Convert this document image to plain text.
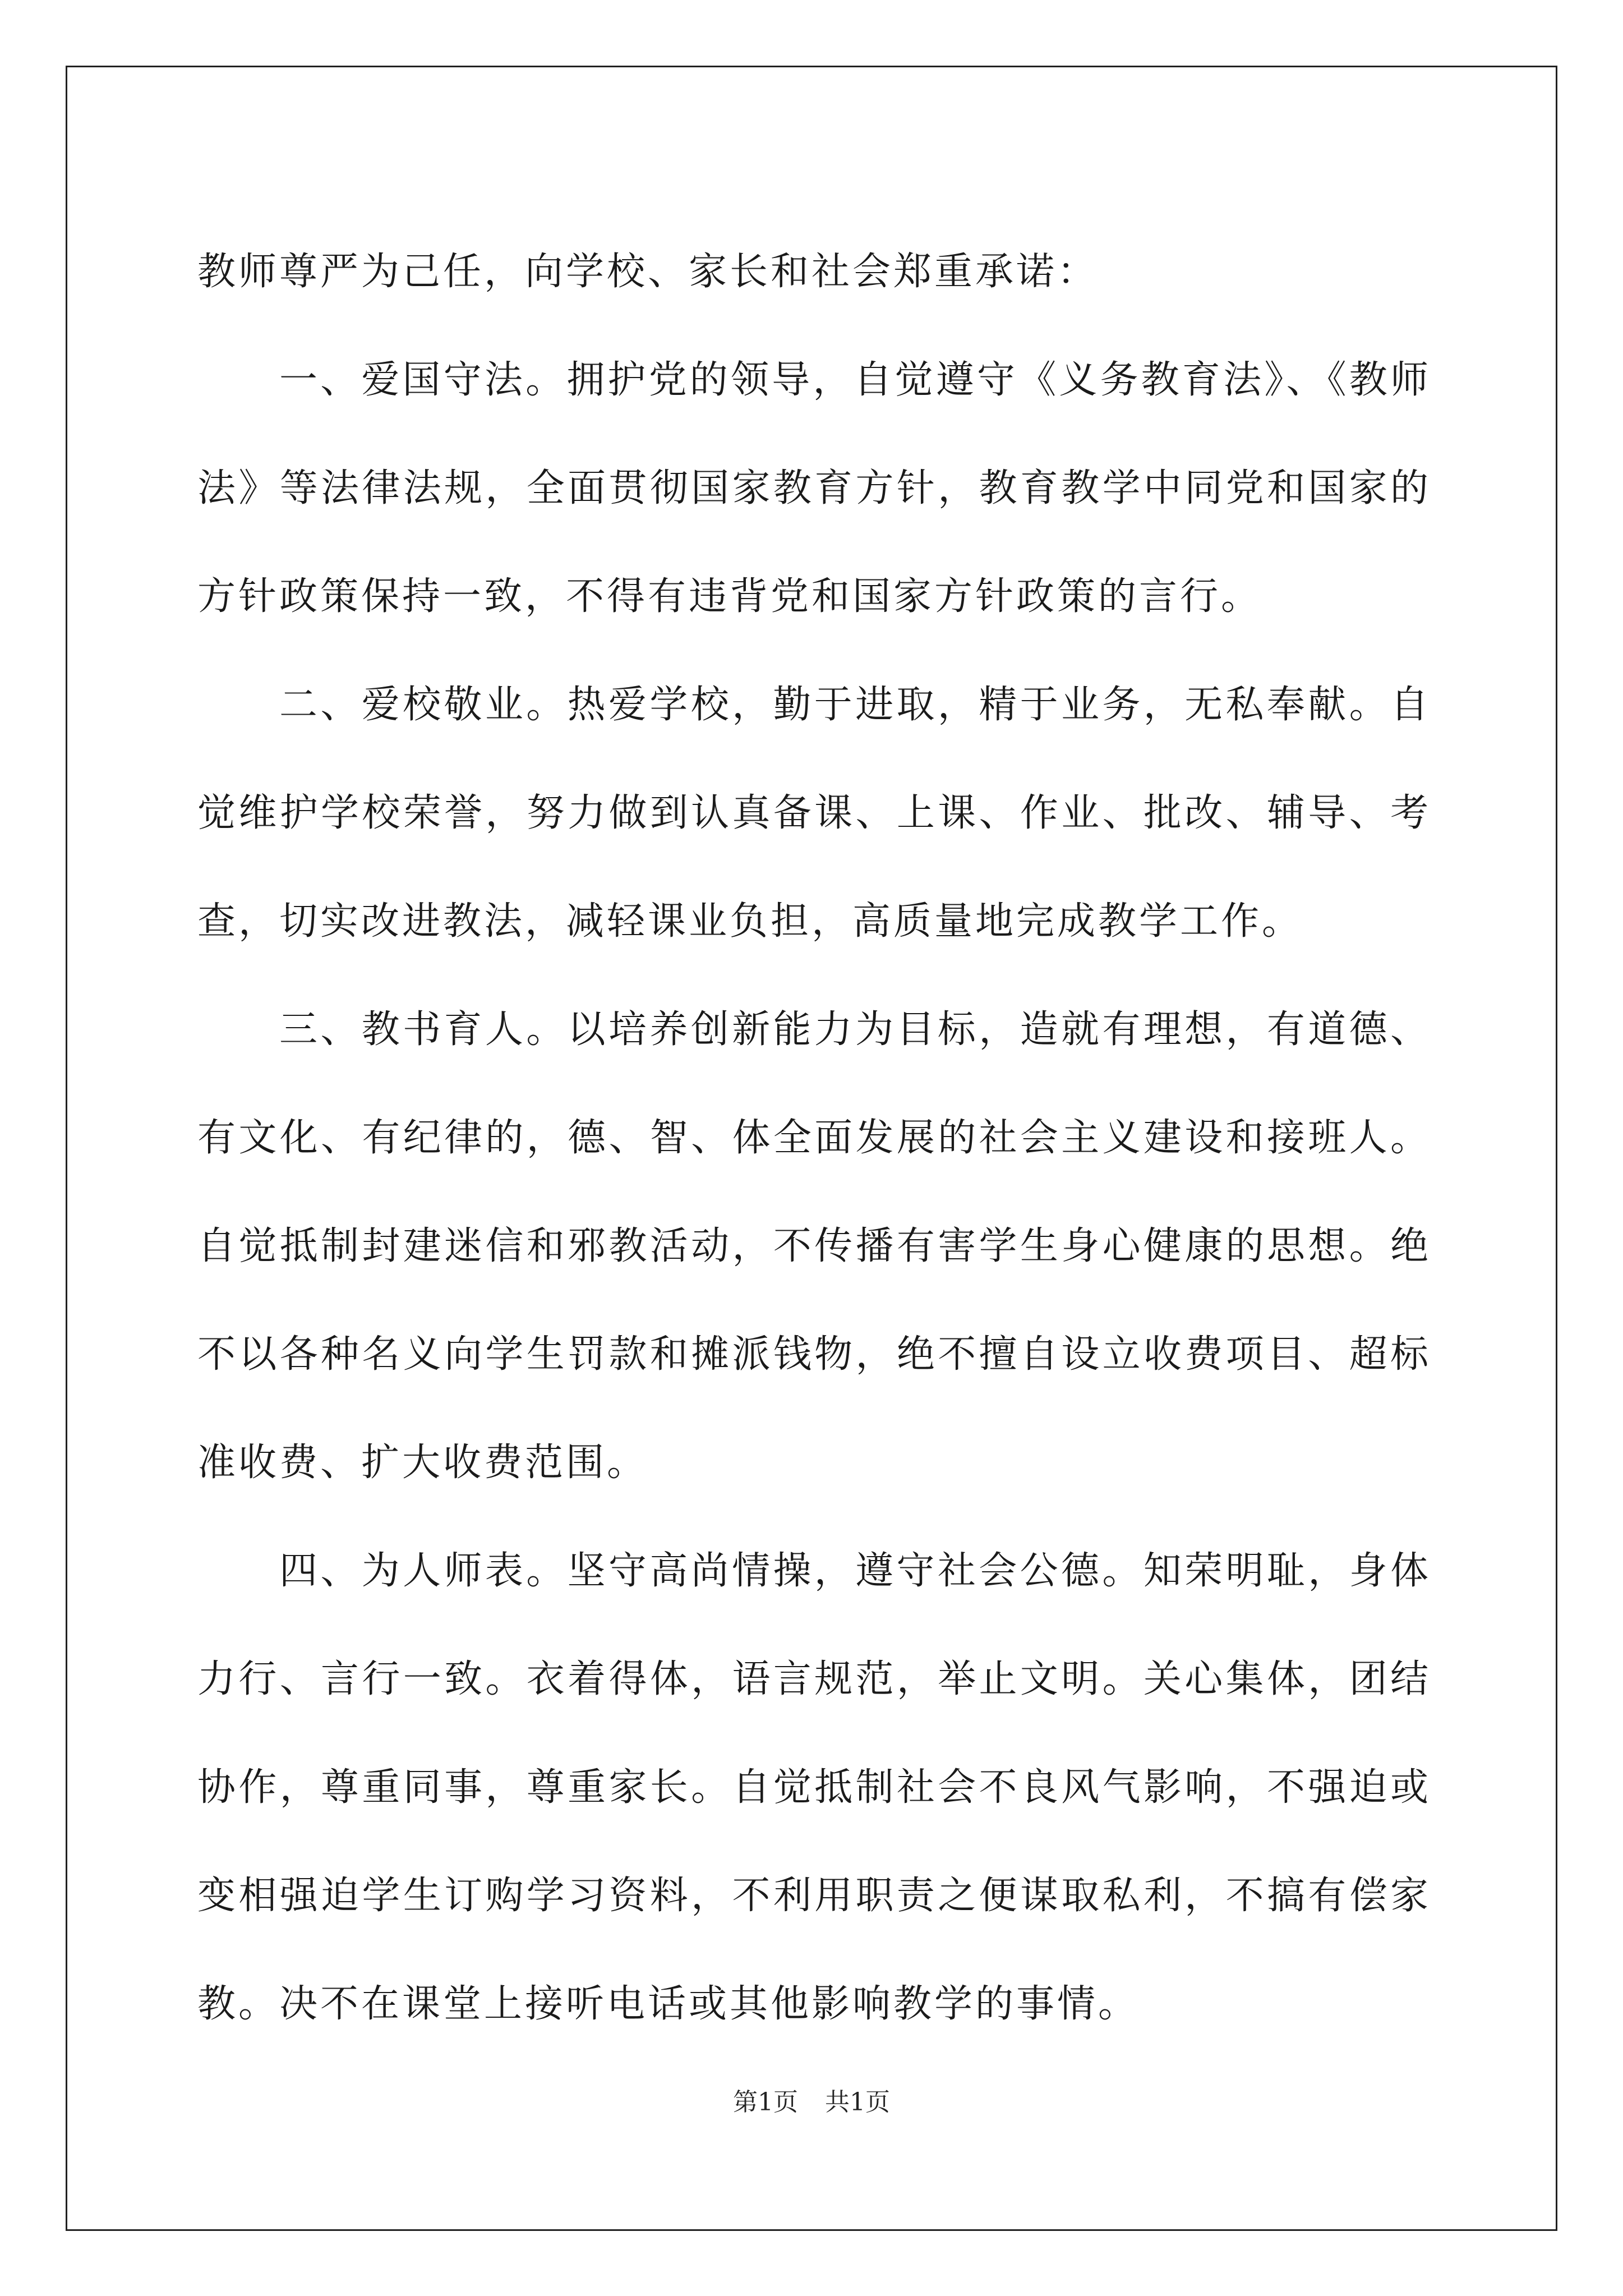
教师尊严为己任，向学校、家长和社会郑重承诺：

一、爱国守法。拥护党的领导，自觉遵守《义务教育法》、《教师法》等法律法规，全面贯彻国家教育方针，教育教学中同党和国家的方针政策保持一致，不得有违背党和国家方针政策的言行。

二、爱校敬业。热爱学校，勤于进取，精于业务，无私奉献。自觉维护学校荣誉，努力做到认真备课、上课、作业、批改、辅导、考查，切实改进教法，减轻课业负担，高质量地完成教学工作。

三、教书育人。以培养创新能力为目标，造就有理想，有道德、有文化、有纪律的，德、智、体全面发展的社会主义建设和接班人。自觉抵制封建迷信和邪教活动，不传播有害学生身心健康的思想。绝不以各种名义向学生罚款和摊派钱物，绝不擅自设立收费项目、超标准收费、扩大收费范围。

四、为人师表。坚守高尚情操，遵守社会公德。知荣明耻，身体力行、言行一致。衣着得体，语言规范，举止文明。关心集体，团结协作，尊重同事，尊重家长。自觉抵制社会不良风气影响，不强迫或变相强迫学生订购学习资料，不利用职责之便谋取私利，不搞有偿家教。决不在课堂上接听电话或其他影响教学的事情。

第1页 共1页
